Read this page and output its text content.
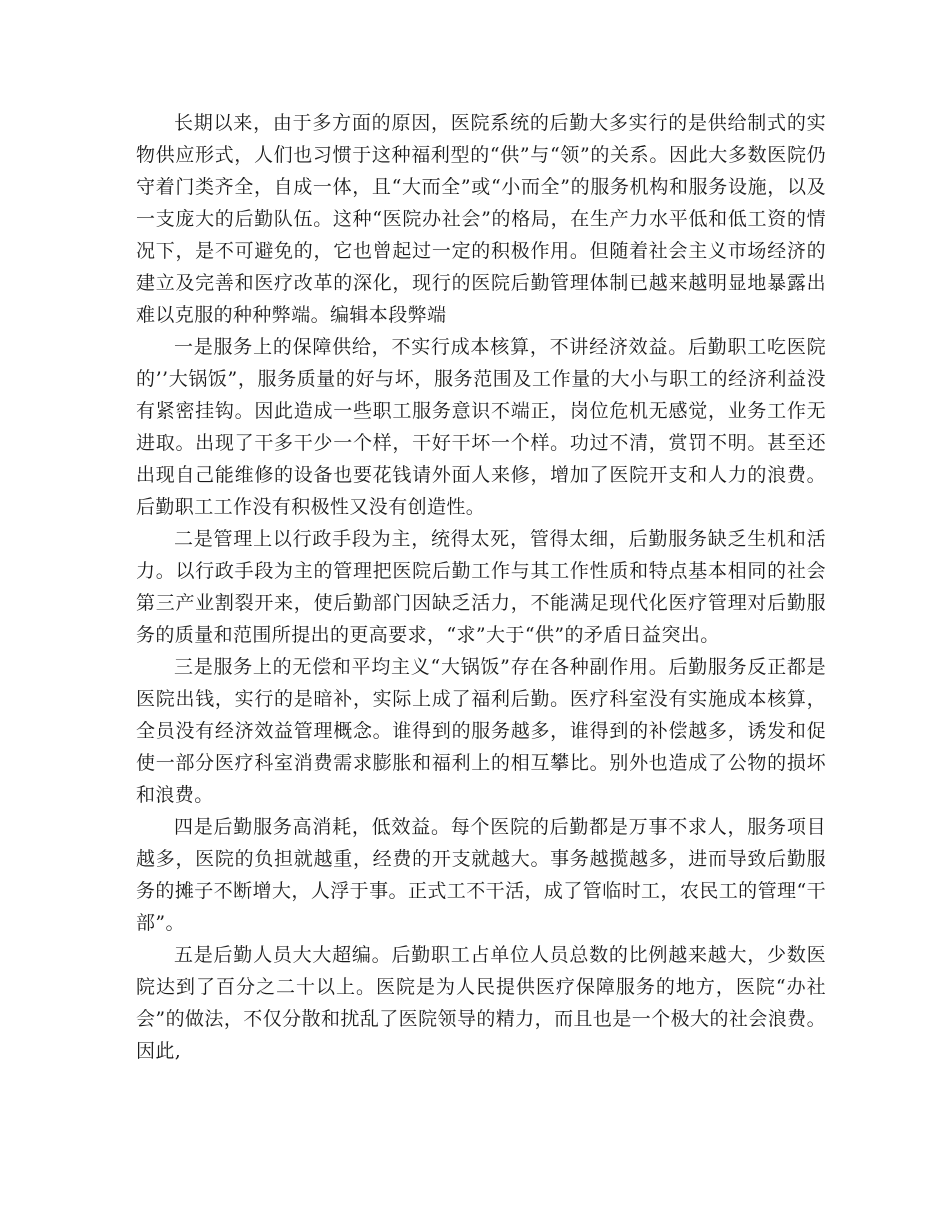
长期以来，由于多方面的原因，医院系统的后勤大多实行的是供给制式的实物供应形式，人们也习惯于这种福利型的“供”与“领”的关系。因此大多数医院仍守着门类齐全，自成一体，且“大而全”或“小而全”的服务机构和服务设施，以及一支庞大的后勤队伍。这种“医院办社会”的格局，在生产力水平低和低工资的情况下，是不可避免的，它也曾起过一定的积极作用。但随着社会主义市场经济的建立及完善和医疗改革的深化，现行的医院后勤管理体制已越来越明显地暴露出难以克服的种种弊端。编辑本段弊端

一是服务上的保障供给，不实行成本核算，不讲经济效益。后勤职工吃医院的’’大锅饭”，服务质量的好与坏，服务范围及工作量的大小与职工的经济利益没有紧密挂钩。因此造成一些职工服务意识不端正，岗位危机无感觉，业务工作无进取。出现了干多干少一个样，干好干坏一个样。功过不清，赏罚不明。甚至还出现自己能维修的设备也要花钱请外面人来修，增加了医院开支和人力的浪费。后勤职工工作没有积极性又没有创造性。

二是管理上以行政手段为主，统得太死，管得太细，后勤服务缺乏生机和活力。以行政手段为主的管理把医院后勤工作与其工作性质和特点基本相同的社会第三产业割裂开来，使后勤部门因缺乏活力，不能满足现代化医疗管理对后勤服务的质量和范围所提出的更高要求，“求”大于“供”的矛盾日益突出。

三是服务上的无偿和平均主义“大锅饭”存在各种副作用。后勤服务反正都是医院出钱，实行的是暗补，实际上成了福利后勤。医疗科室没有实施成本核算，全员没有经济效益管理概念。谁得到的服务越多，谁得到的补偿越多，诱发和促使一部分医疗科室消费需求膨胀和福利上的相互攀比。别外也造成了公物的损坏和浪费。

四是后勤服务高消耗，低效益。每个医院的后勤都是万事不求人，服务项目越多，医院的负担就越重，经费的开支就越大。事务越揽越多，进而导致后勤服务的摊子不断增大，人浮于事。正式工不干活，成了管临时工，农民工的管理“干部”。

五是后勤人员大大超编。后勤职工占单位人员总数的比例越来越大，少数医院达到了百分之二十以上。医院是为人民提供医疗保障服务的地方，医院“办社会”的做法，不仅分散和扰乱了医院领导的精力，而且也是一个极大的社会浪费。因此,
